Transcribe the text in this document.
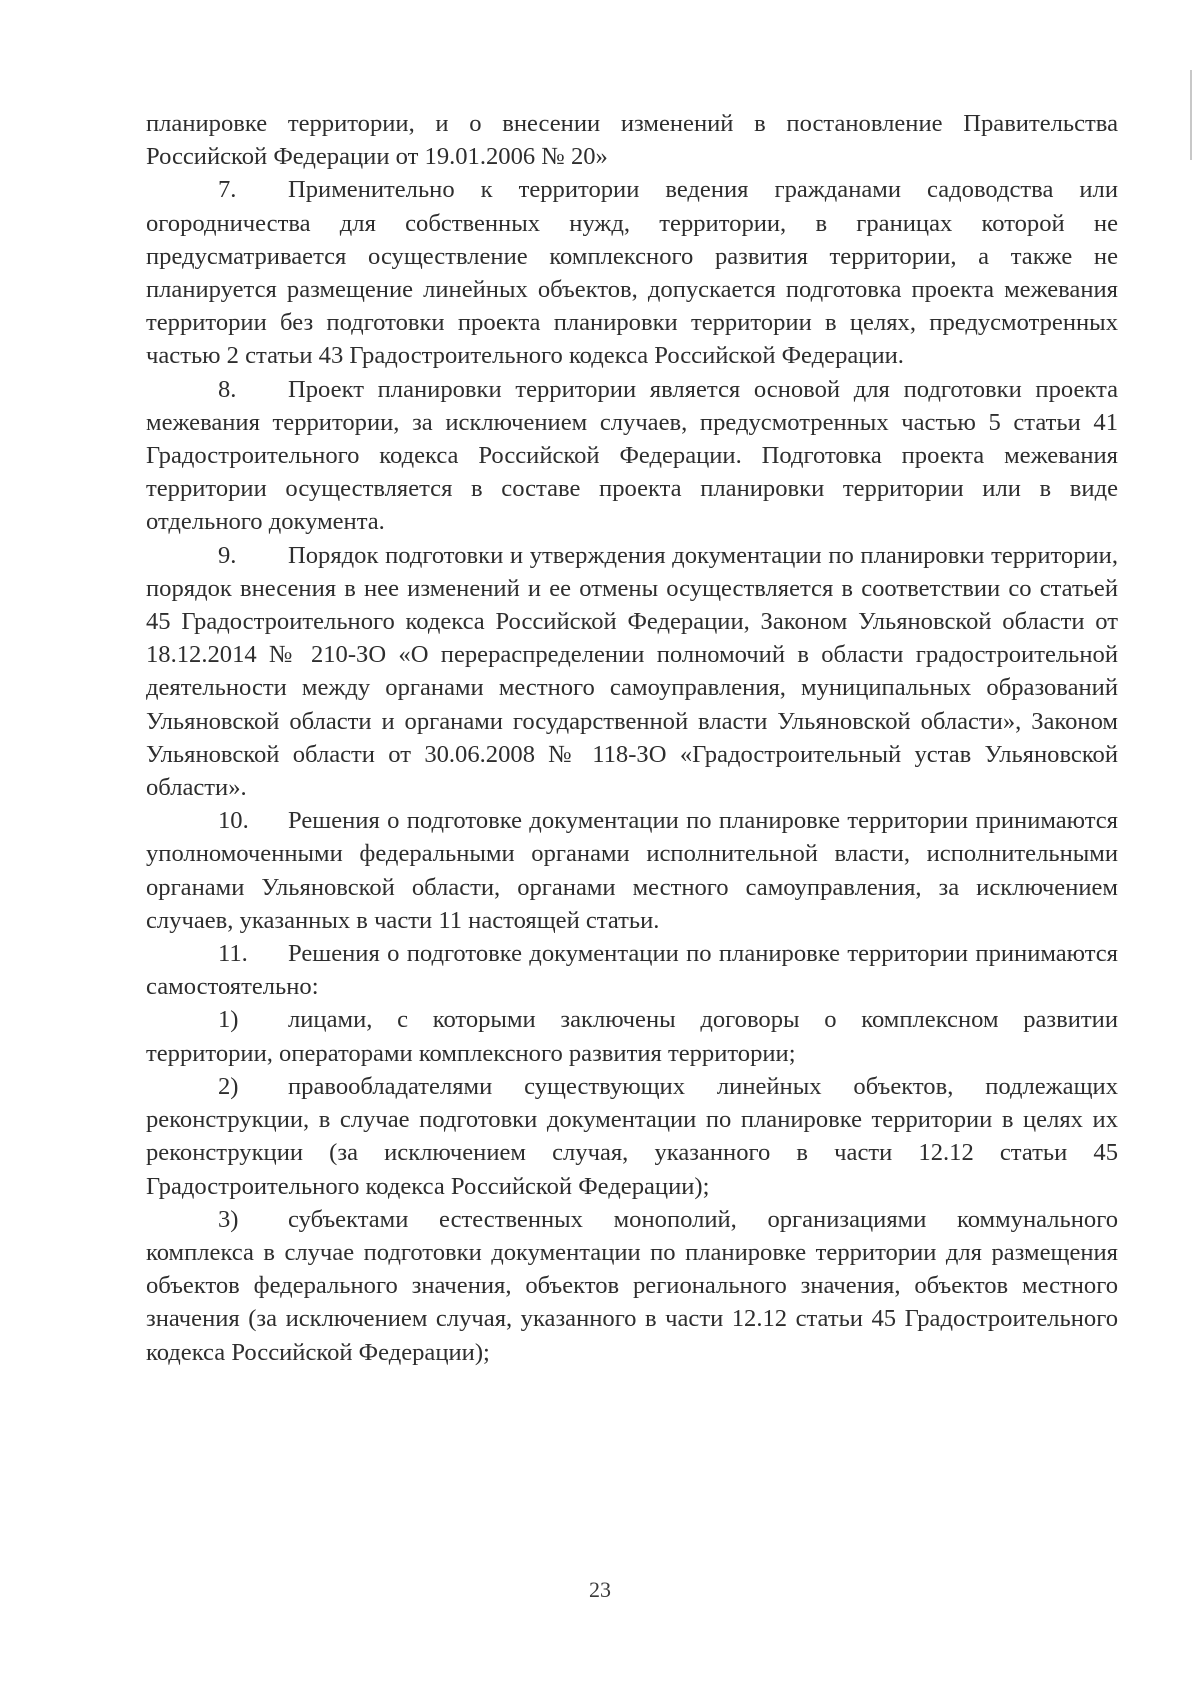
планировке территории, и о внесении изменений в постановление Правительства Российской Федерации от 19.01.2006 № 20»

7. Применительно к территории ведения гражданами садоводства или огородничества для собственных нужд, территории, в границах которой не предусматривается осуществление комплексного развития территории, а также не планируется размещение линейных объектов, допускается подготовка проекта межевания территории без подготовки проекта планировки территории в целях, предусмотренных частью 2 статьи 43 Градостроительного кодекса Российской Федерации.

8. Проект планировки территории является основой для подготовки проекта межевания территории, за исключением случаев, предусмотренных частью 5 статьи 41 Градостроительного кодекса Российской Федерации. Подготовка проекта межевания территории осуществляется в составе проекта планировки территории или в виде отдельного документа.

9. Порядок подготовки и утверждения документации по планировки территории, порядок внесения в нее изменений и ее отмены осуществляется в соответствии со статьей 45 Градостроительного кодекса Российской Федерации, Законом Ульяновской области от 18.12.2014 № 210-ЗО «О перераспределении полномочий в области градостроительной деятельности между органами местного самоуправления, муниципальных образований Ульяновской области и органами государственной власти Ульяновской области», Законом Ульяновской области от 30.06.2008 № 118-ЗО «Градостроительный устав Ульяновской области».

10. Решения о подготовке документации по планировке территории принимаются уполномоченными федеральными органами исполнительной власти, исполнительными органами Ульяновской области, органами местного самоуправления, за исключением случаев, указанных в части 11 настоящей статьи.

11. Решения о подготовке документации по планировке территории принимаются самостоятельно:

1) лицами, с которыми заключены договоры о комплексном развитии территории, операторами комплексного развития территории;

2) правообладателями существующих линейных объектов, подлежащих реконструкции, в случае подготовки документации по планировке территории в целях их реконструкции (за исключением случая, указанного в части 12.12 статьи 45 Градостроительного кодекса Российской Федерации);

3) субъектами естественных монополий, организациями коммунального комплекса в случае подготовки документации по планировке территории для размещения объектов федерального значения, объектов регионального значения, объектов местного значения (за исключением случая, указанного в части 12.12 статьи 45 Градостроительного кодекса Российской Федерации);

23
